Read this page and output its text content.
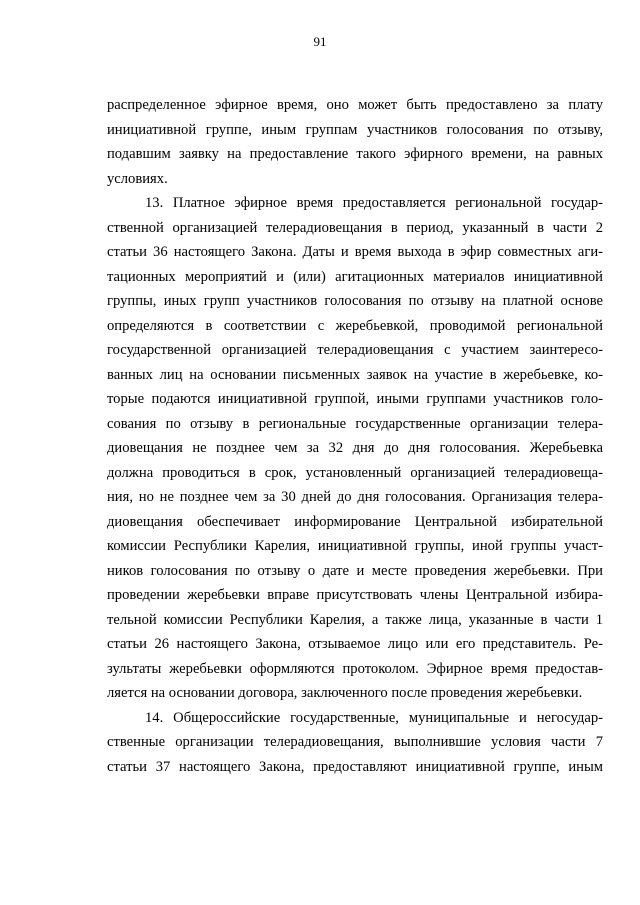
91
распределенное эфирное время, оно может быть предоставлено за плату
инициативной группе, иным группам участников голосования по отзыву,
подавшим заявку на предоставление такого эфирного времени, на равных
условиях.
13. Платное эфирное время предоставляется региональной государ-
ственной организацией телерадиовещания в период, указанный в части 2
статьи 36 настоящего Закона. Даты и время выхода в эфир совместных аги-
тационных мероприятий и (или) агитационных материалов инициативной
группы, иных групп участников голосования по отзыву на платной основе
определяются в соответствии с жеребьевкой, проводимой региональной
государственной организацией телерадиовещания с участием заинтересо-
ванных лиц на основании письменных заявок на участие в жеребьевке, ко-
торые подаются инициативной группой, иными группами участников голо-
сования по отзыву в региональные государственные организации телера-
диовещания не позднее чем за 32 дня до дня голосования. Жеребьевка
должна проводиться в срок, установленный организацией телерадиовеща-
ния, но не позднее чем за 30 дней до дня голосования. Организация телера-
диовещания обеспечивает информирование Центральной избирательной
комиссии Республики Карелия, инициативной группы, иной группы участ-
ников голосования по отзыву о дате и месте проведения жеребьевки. При
проведении жеребьевки вправе присутствовать члены Центральной избира-
тельной комиссии Республики Карелия, а также лица, указанные в части 1
статьи 26 настоящего Закона, отзываемое лицо или его представитель. Ре-
зультаты жеребьевки оформляются протоколом. Эфирное время предостав-
ляется на основании договора, заключенного после проведения жеребьевки.
14. Общероссийские государственные, муниципальные и негосудар-
ственные организации телерадиовещания, выполнившие условия части 7
статьи 37 настоящего Закона, предоставляют инициативной группе, иным
